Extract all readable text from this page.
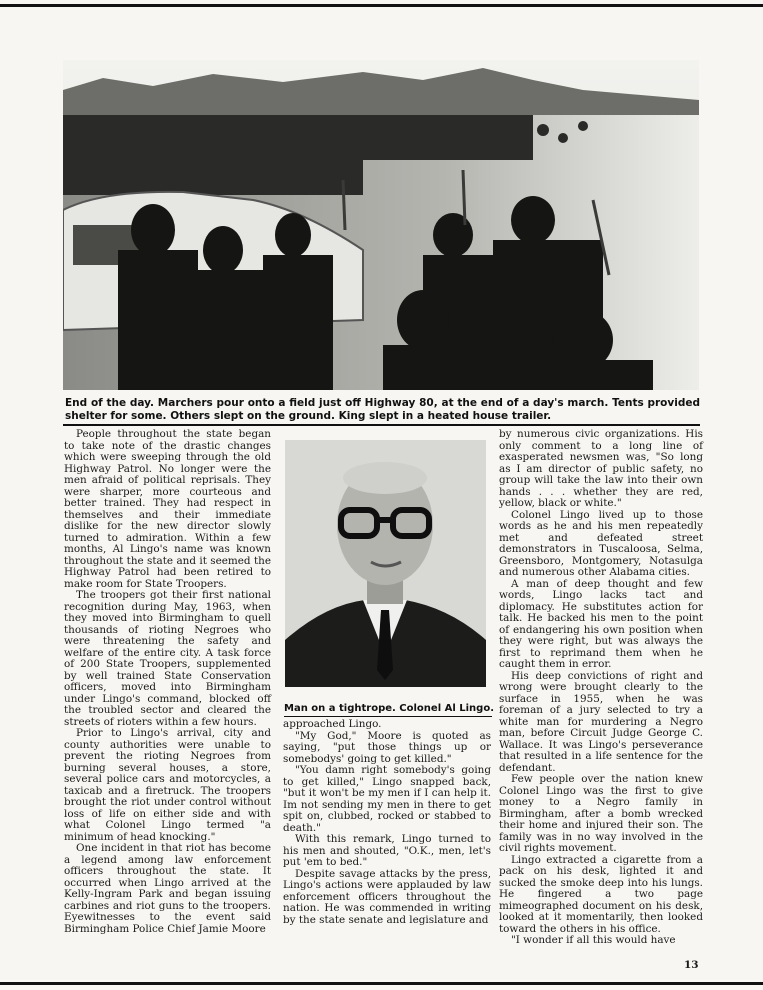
End of the day. Marchers pour onto a field just off Highway 80, at the end of a day's march. Tents provided shelter for some. Others slept on the ground. King slept in a heated house trailer.

People throughout the state began to take note of the drastic changes which were sweeping through the old Highway Patrol. No longer were the men afraid of political reprisals. They were sharper, more courteous and better trained. They had respect in themselves and their immediate dislike for the new director slowly turned to admiration. Within a few months, Al Lingo's name was known throughout the state and it seemed the Highway Patrol had been retired to make room for State Troopers.

The troopers got their first national recognition during May, 1963, when they moved into Birmingham to quell thousands of rioting Negroes who were threatening the safety and welfare of the entire city. A task force of 200 State Troopers, supplemented by well trained State Conservation officers, moved into Birmingham under Lingo's command, blocked off the troubled sector and cleared the streets of rioters within a few hours.

Prior to Lingo's arrival, city and county authorities were unable to prevent the rioting Negroes from burning several houses, a store, several police cars and motorcycles, a taxicab and a firetruck. The troopers brought the riot under control without loss of life on either side and with what Colonel Lingo termed "a minimum of head knocking."

One incident in that riot has become a legend among law enforcement officers throughout the state. It occurred when Lingo arrived at the Kelly-Ingram Park and began issuing carbines and riot guns to the troopers. Eyewitnesses to the event said Birmingham Police Chief Jamie Moore

Man on a tightrope. Colonel Al Lingo.

approached Lingo.

"My God," Moore is quoted as saying, "put those things up or somebodys' going to get killed."

"You damn right somebody's going to get killed," Lingo snapped back, "but it won't be my men if I can help it. Im not sending my men in there to get spit on, clubbed, rocked or stabbed to death."

With this remark, Lingo turned to his men and shouted, "O.K., men, let's put 'em to bed."

Despite savage attacks by the press, Lingo's actions were applauded by law enforcement officers throughout the nation. He was commended in writing by the state senate and legislature and

by numerous civic organizations. His only comment to a long line of exasperated newsmen was, "So long as I am director of public safety, no group will take the law into their own hands . . . whether they are red, yellow, black or white."

Colonel Lingo lived up to those words as he and his men repeatedly met and defeated street demonstrators in Tuscaloosa, Selma, Greensboro, Montgomery, Notasulga and numerous other Alabama cities.

A man of deep thought and few words, Lingo lacks tact and diplomacy. He substitutes action for talk. He backed his men to the point of endangering his own position when they were right, but was always the first to reprimand them when he caught them in error.

His deep convictions of right and wrong were brought clearly to the surface in 1955, when he was foreman of a jury selected to try a white man for murdering a Negro man, before Circuit Judge George C. Wallace. It was Lingo's perseverance that resulted in a life sentence for the defendant.

Few people over the nation knew Colonel Lingo was the first to give money to a Negro family in Birmingham, after a bomb wrecked their home and injured their son. The family was in no way involved in the civil rights movement.

Lingo extracted a cigarette from a pack on his desk, lighted it and sucked the smoke deep into his lungs. He fingered a two page mimeographed document on his desk, looked at it momentarily, then looked toward the others in his office.

"I wonder if all this would have

13
